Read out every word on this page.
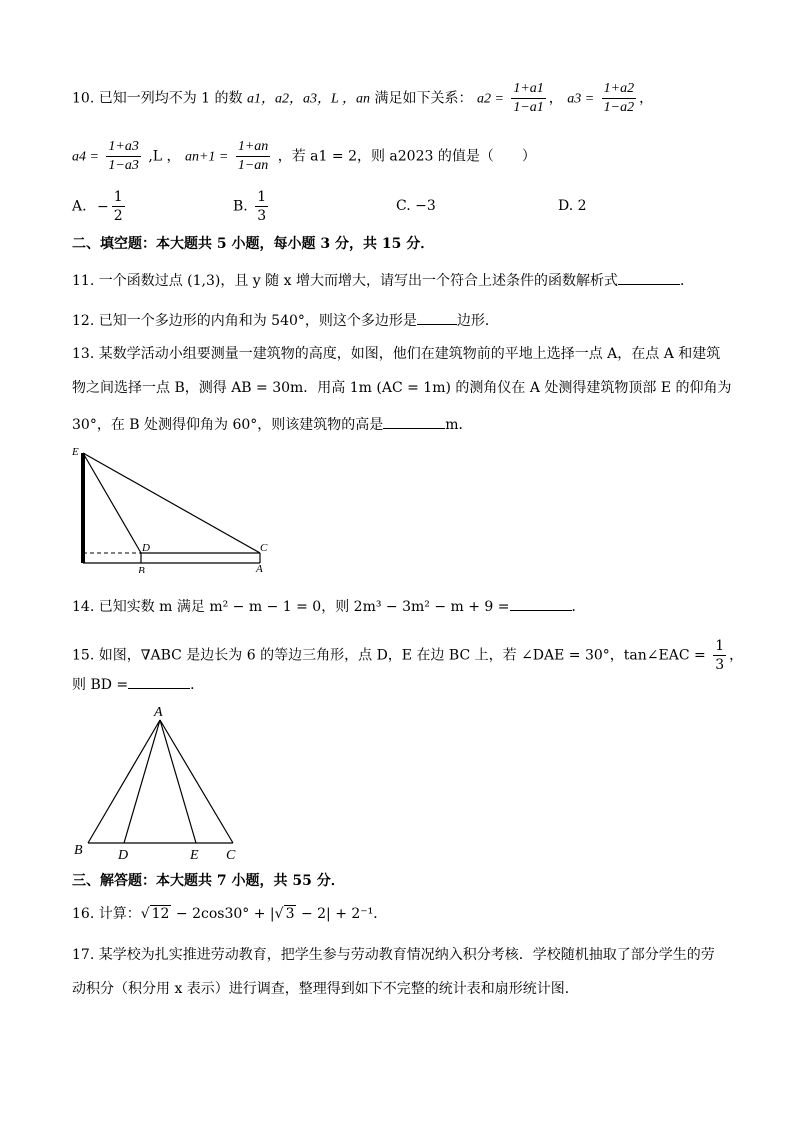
10. 已知一列均不为 1 的数 a1，a2，a3，L ，an 满足如下关系： $a2 = \frac{1+a1}{1-a1}$ ， $a3 = \frac{1+a2}{1-a2}$ ，
$a4 = \frac{1+a3}{1-a3} ,L$ ， $an+1 = \frac{1+an}{1-an}$ ，若 a1 = 2，则 a2023 的值是（　　）
A. − $\frac{1}{2}$	B. $\frac{1}{3}$	C. −3	D. 2
二、填空题：本大题共 5 小题，每小题 3 分，共 15 分．
11. 一个函数过点 (1,3)，且 y 随 x 增大而增大，请写出一个符合上述条件的函数解析式	．
12. 已知一个多边形的内角和为 540°，则这个多边形是	边形．
13. 某数学活动小组要测量一建筑物的高度，如图，他们在建筑物前的平地上选择一点 A，在点 A 和建筑
物之间选择一点 B，测得 AB = 30m．用高 1m (AC = 1m) 的测角仪在 A 处测得建筑物顶部 E 的仰角为
30°，在 B 处测得仰角为 60°，则该建筑物的高是	m．
E
D	C
B	A
14. 已知实数 m 满足 m² − m − 1 = 0，则 2m³ − 3m² − m + 9 =	．
15. 如图，∇ABC 是边长为 6 的等边三角形，点 D，E 在边 BC 上，若 ∠DAE = 30°，tan∠EAC = $\frac{1}{3}$ ，
则 BD =	．
A
B	D	E C
三、解答题：本大题共 7 小题，共 55 分．
16. 计算：√ 12 − 2cos30° + |√ 3 − 2| + 2⁻¹．
17. 某学校为扎实推进劳动教育，把学生参与劳动教育情况纳入积分考核．学校随机抽取了部分学生的劳
动积分（积分用 x 表示）进行调查，整理得到如下不完整的统计表和扇形统计图．
